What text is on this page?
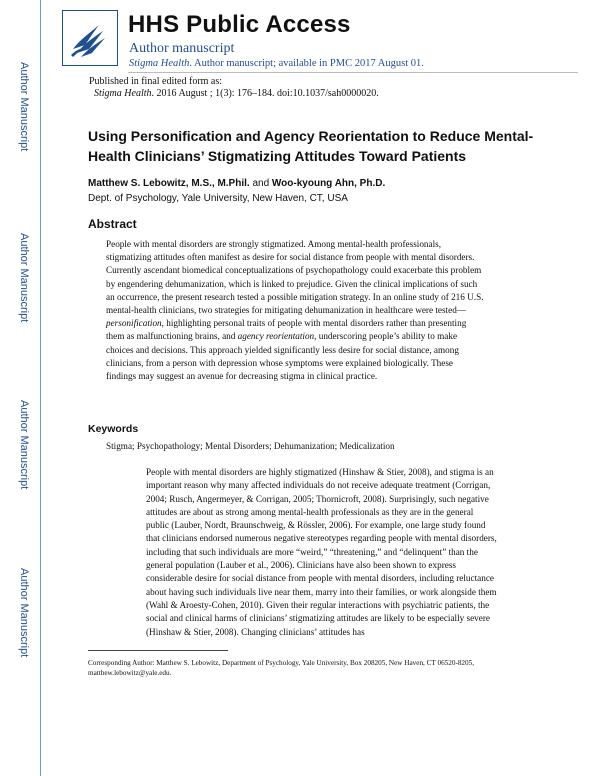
Author Manuscript
Author Manuscript
Author Manuscript
Author Manuscript
HHS Public Access
Author manuscript
Stigma Health. Author manuscript; available in PMC 2017 August 01.
Published in final edited form as:
Stigma Health. 2016 August ; 1(3): 176–184. doi:10.1037/sah0000020.
Using Personification and Agency Reorientation to Reduce Mental-Health Clinicians’ Stigmatizing Attitudes Toward Patients
Matthew S. Lebowitz, M.S., M.Phil. and Woo-kyoung Ahn, Ph.D.
Dept. of Psychology, Yale University, New Haven, CT, USA
Abstract
People with mental disorders are strongly stigmatized. Among mental-health professionals, stigmatizing attitudes often manifest as desire for social distance from people with mental disorders. Currently ascendant biomedical conceptualizations of psychopathology could exacerbate this problem by engendering dehumanization, which is linked to prejudice. Given the clinical implications of such an occurrence, the present research tested a possible mitigation strategy. In an online study of 216 U.S. mental-health clinicians, two strategies for mitigating dehumanization in healthcare were tested—personification, highlighting personal traits of people with mental disorders rather than presenting them as malfunctioning brains, and agency reorientation, underscoring people’s ability to make choices and decisions. This approach yielded significantly less desire for social distance, among clinicians, from a person with depression whose symptoms were explained biologically. These findings may suggest an avenue for decreasing stigma in clinical practice.
Keywords
Stigma; Psychopathology; Mental Disorders; Dehumanization; Medicalization
People with mental disorders are highly stigmatized (Hinshaw & Stier, 2008), and stigma is an important reason why many affected individuals do not receive adequate treatment (Corrigan, 2004; Rusch, Angermeyer, & Corrigan, 2005; Thornicroft, 2008). Surprisingly, such negative attitudes are about as strong among mental-health professionals as they are in the general public (Lauber, Nordt, Braunschweig, & Rössler, 2006). For example, one large study found that clinicians endorsed numerous negative stereotypes regarding people with mental disorders, including that such individuals are more “weird,” “threatening,” and “delinquent” than the general population (Lauber et al., 2006). Clinicians have also been shown to express considerable desire for social distance from people with mental disorders, including reluctance about having such individuals live near them, marry into their families, or work alongside them (Wahl & Aroesty-Cohen, 2010). Given their regular interactions with psychiatric patients, the social and clinical harms of clinicians’ stigmatizing attitudes are likely to be especially severe (Hinshaw & Stier, 2008). Changing clinicians’ attitudes has
Corresponding Author: Matthew S. Lebowitz, Department of Psychology, Yale University, Box 208205, New Haven, CT 06520-8205, matthew.lebowitz@yale.edu.
